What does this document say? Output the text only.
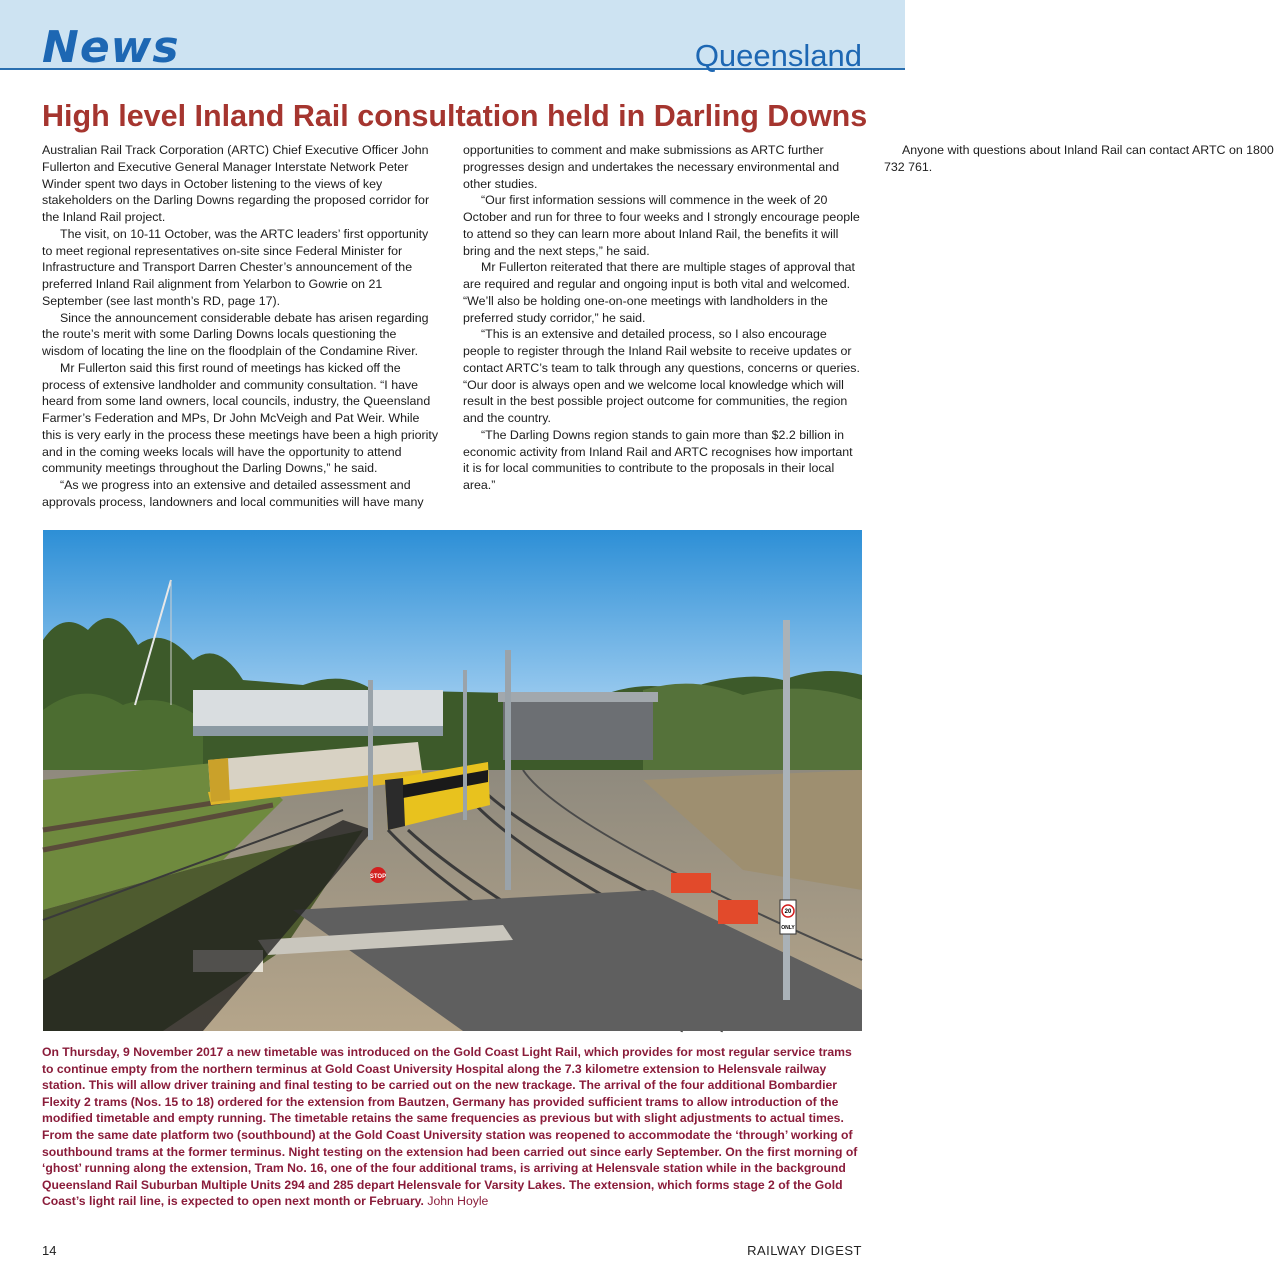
News	Queensland
High level Inland Rail consultation held in Darling Downs

Australian Rail Track Corporation (ARTC) Chief Executive Officer John Fullerton and Executive General Manager Interstate Network Peter Winder spent two days in October listening to the views of key stakeholders on the Darling Downs regarding the proposed corridor for the Inland Rail project.

The visit, on 10-11 October, was the ARTC leaders’ first opportunity to meet regional representatives on-site since Federal Minister for Infrastructure and Transport Darren Chester’s announcement of the preferred Inland Rail alignment from Yelarbon to Gowrie on 21 September (see last month’s RD, page 17).

Since the announcement considerable debate has arisen regarding the route’s merit with some Darling Downs locals questioning the wisdom of locating the line on the floodplain of the Condamine River.

Mr Fullerton said this first round of meetings has kicked off the process of extensive landholder and community consultation. “I have heard from some land owners, local councils, industry, the Queensland Farmer’s Federation and MPs, Dr John McVeigh and Pat Weir. While this is very early in the process these meetings have been a high priority and in the coming weeks locals will have the opportunity to attend community meetings throughout the Darling Downs,” he said.

“As we progress into an extensive and detailed assessment and approvals process, landowners and local communities will have many opportunities to comment and make submissions as ARTC further progresses design and undertakes the necessary environmental and other studies.

“Our first information sessions will commence in the week of 20 October and run for three to four weeks and I strongly encourage people to attend so they can learn more about Inland Rail, the benefits it will bring and the next steps,” he said.

Mr Fullerton reiterated that there are multiple stages of approval that are required and regular and ongoing input is both vital and welcomed. “We’ll also be holding one-on-one meetings with landholders in the preferred study corridor,” he said.

“This is an extensive and detailed process, so I also encourage people to register through the Inland Rail website to receive updates or contact ARTC’s team to talk through any questions, concerns or queries. “Our door is always open and we welcome local knowledge which will result in the best possible project outcome for communities, the region and the country.

“The Darling Downs region stands to gain more than $2.2 billion in economic activity from Inland Rail and ARTC recognises how important it is for local communities to contribute to the proposals in their local area.”

Anyone with questions about Inland Rail can contact ARTC on 1800 732 761.

STOP
20
ONLY

On Thursday, 9 November 2017 a new timetable was introduced on the Gold Coast Light Rail, which provides for most regular service trams to continue empty from the northern terminus at Gold Coast University Hospital along the 7.3 kilometre extension to Helensvale railway station. This will allow driver training and final testing to be carried out on the new trackage. The arrival of the four additional Bombardier Flexity 2 trams (Nos. 15 to 18) ordered for the extension from Bautzen, Germany has provided sufficient trams to allow introduction of the modified timetable and empty running. The timetable retains the same frequencies as previous but with slight adjustments to actual times. From the same date platform two (southbound) at the Gold Coast University station was reopened to accommodate the ‘through’ working of southbound trams at the former terminus. Night testing on the extension had been carried out since early September. On the first morning of ‘ghost’ running along the extension, Tram No. 16, one of the four additional trams, is arriving at Helensvale station while in the background Queensland Rail Suburban Multiple Units 294 and 285 depart Helensvale for Varsity Lakes. The extension, which forms stage 2 of the Gold Coast’s light rail line, is expected to open next month or February. John Hoyle

14	RAILWAY DIGEST
